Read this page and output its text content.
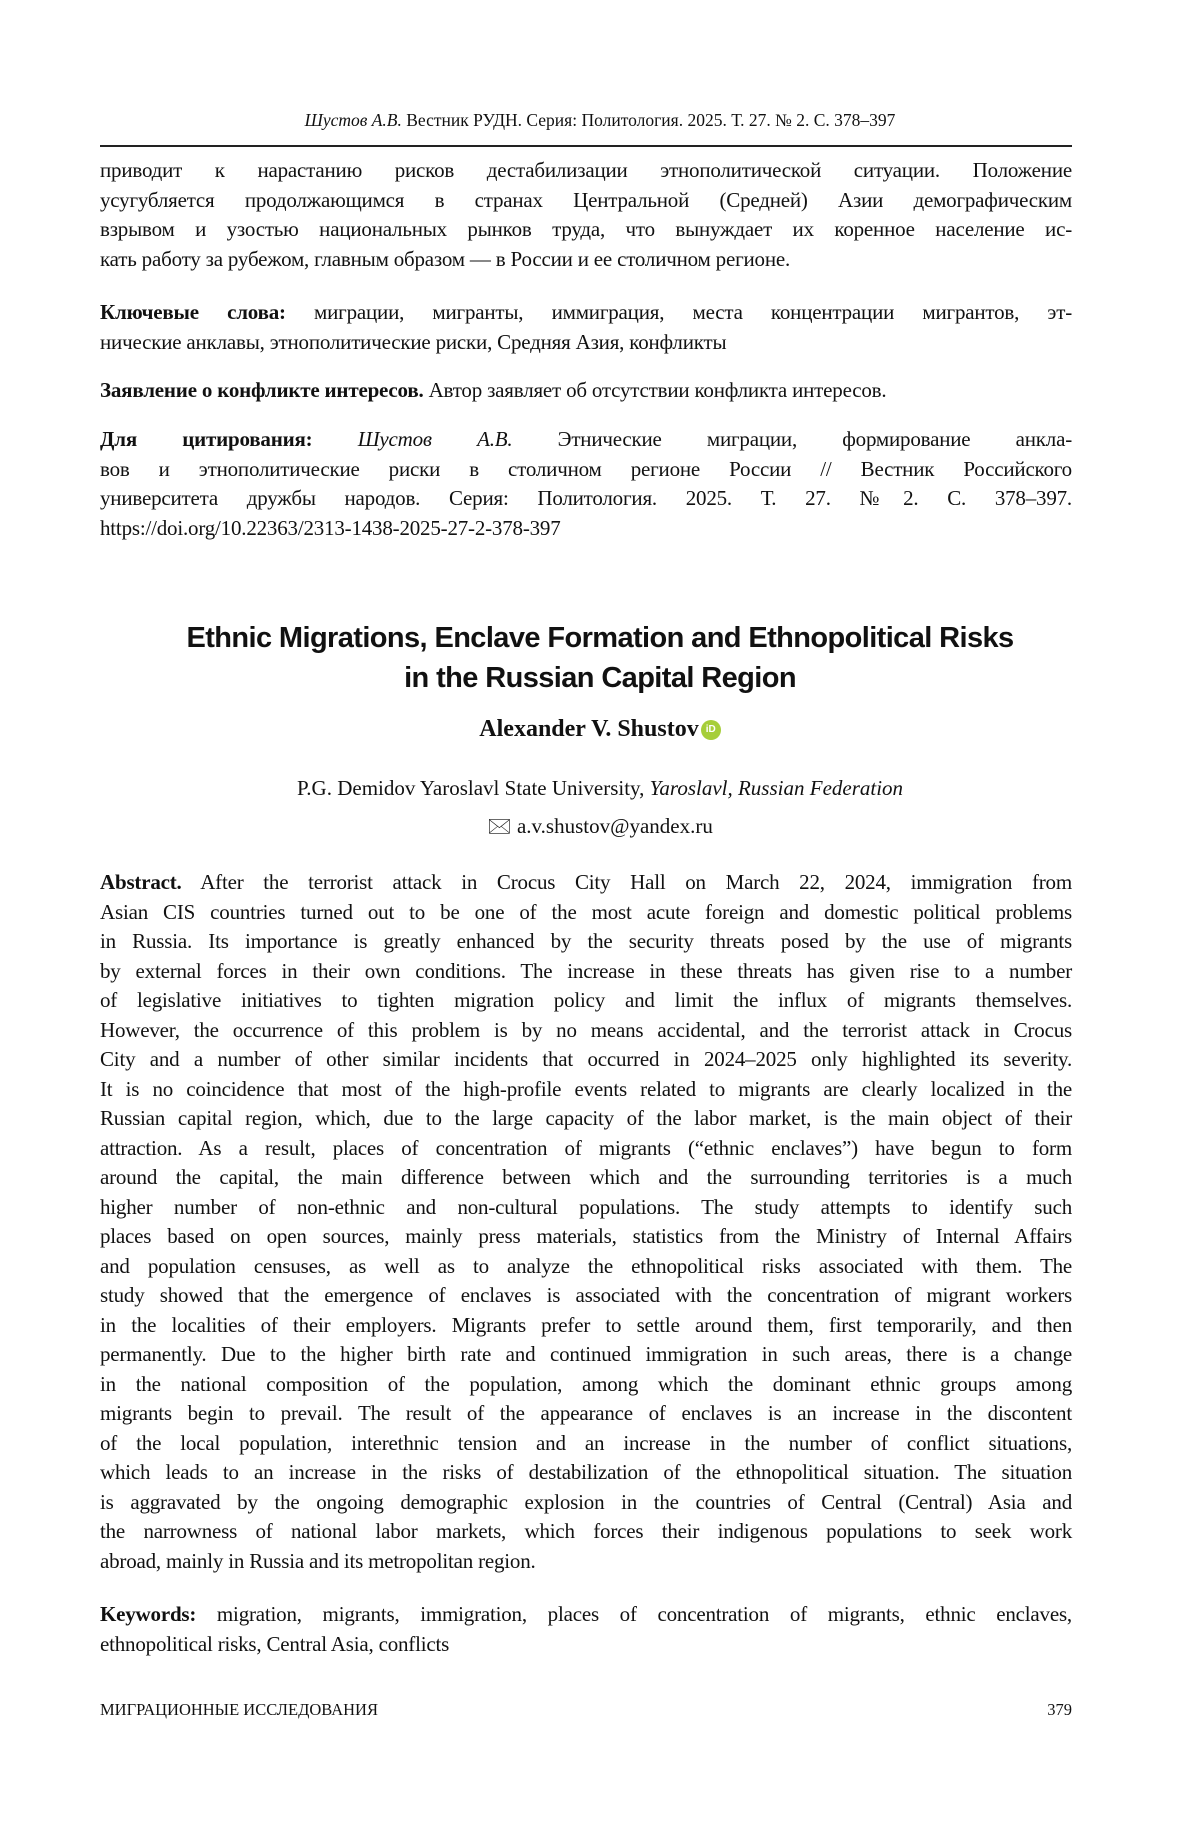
Шустов А.В. Вестник РУДН. Серия: Политология. 2025. Т. 27. № 2. С. 378–397
приводит к нарастанию рисков дестабилизации этнополитической ситуации. Положение
усугубляется продолжающимся в странах Центральной (Средней) Азии демографическим
взрывом и узостью национальных рынков труда, что вынуждает их коренное население ис-
кать работу за рубежом, главным образом — в России и ее столичном регионе.
Ключевые слова: миграции, мигранты, иммиграция, места концентрации мигрантов, эт-
нические анклавы, этнополитические риски, Средняя Азия, конфликты
Заявление о конфликте интересов. Автор заявляет об отсутствии конфликта интересов.
Для цитирования: Шустов А.В. Этнические миграции, формирование анкла-
вов и этнополитические риски в столичном регионе России // Вестник Российского
университета дружбы народов. Серия: Политология. 2025. Т. 27. №2. С. 378–397.
https://doi.org/10.22363/2313-1438-2025-27-2-378-397
Ethnic Migrations, Enclave Formation and Ethnopolitical Risks
in the Russian Capital Region
Alexander V. Shustov iD
P.G. Demidov Yaroslavl State University, Yaroslavl, Russian Federation
🖂 a.v.shustov@yandex.ru
Abstract. After the terrorist attack in Crocus City Hall on March 22, 2024, immigration from
Asian CIS countries turned out to be one of the most acute foreign and domestic political problems
in Russia. Its importance is greatly enhanced by the security threats posed by the use of migrants
by external forces in their own conditions. The increase in these threats has given rise to a number
of legislative initiatives to tighten migration policy and limit the influx of migrants themselves.
However, the occurrence of this problem is by no means accidental, and the terrorist attack in Crocus
City and a number of other similar incidents that occurred in 2024–2025 only highlighted its severity.
It is no coincidence that most of the high-profile events related to migrants are clearly localized in the
Russian capital region, which, due to the large capacity of the labor market, is the main object of their
attraction. As a result, places of concentration of migrants (“ethnic enclaves”) have begun to form
around the capital, the main difference between which and the surrounding territories is a much
higher number of non-ethnic and non-cultural populations. The study attempts to identify such
places based on open sources, mainly press materials, statistics from the Ministry of Internal Affairs
and population censuses, as well as to analyze the ethnopolitical risks associated with them. The
study showed that the emergence of enclaves is associated with the concentration of migrant workers
in the localities of their employers. Migrants prefer to settle around them, first temporarily, and then
permanently. Due to the higher birth rate and continued immigration in such areas, there is a change
in the national composition of the population, among which the dominant ethnic groups among
migrants begin to prevail. The result of the appearance of enclaves is an increase in the discontent
of the local population, interethnic tension and an increase in the number of conflict situations,
which leads to an increase in the risks of destabilization of the ethnopolitical situation. The situation
is aggravated by the ongoing demographic explosion in the countries of Central (Central) Asia and
the narrowness of national labor markets, which forces their indigenous populations to seek work
abroad, mainly in Russia and its metropolitan region.
Keywords: migration, migrants, immigration, places of concentration of migrants, ethnic enclaves,
ethnopolitical risks, Central Asia, conflicts
МИГРАЦИОННЫЕ ИССЛЕДОВАНИЯ	379
